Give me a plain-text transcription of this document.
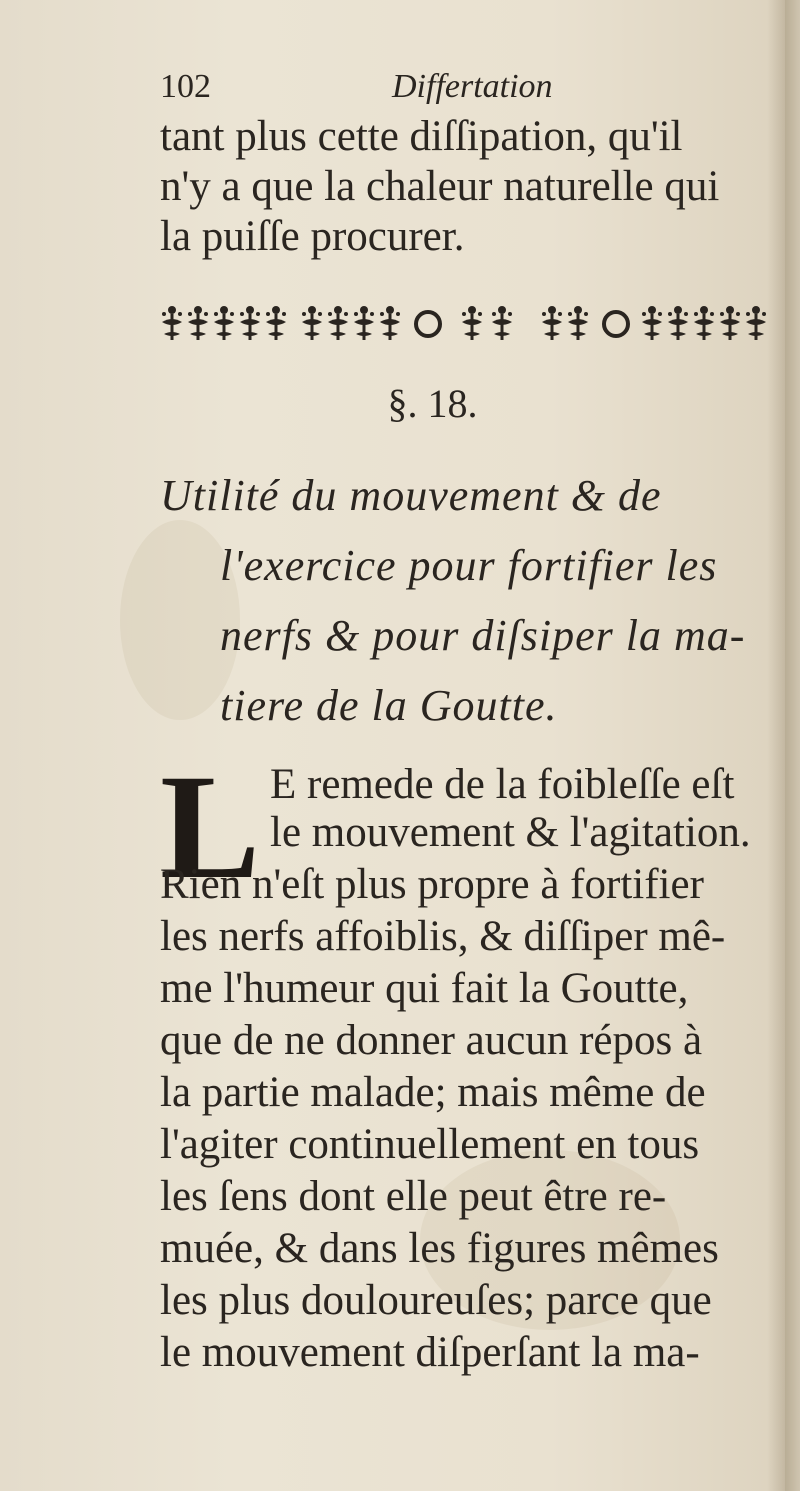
102	Differtation
tant plus cette diſſipation, qu'il
n'y a que la chaleur naturelle qui
la puiſſe procurer.
§. 18.
Utilité du mouvement & de
l'exercice pour fortifier les
nerfs & pour diſsiper la ma-
tiere de la Goutte.
L E remede de la foibleſſe eſt
le mouvement & l'agitation.
Rien n'eſt plus propre à fortifier
les nerfs affoiblis, & diſſiper mê-
me l'humeur qui fait la Goutte,
que de ne donner aucun répos à
la partie malade; mais même de
l'agiter continuellement en tous
les ſens dont elle peut être re-
muée, & dans les figures mêmes
les plus douloureuſes; parce que
le mouvement diſperſant la ma-
